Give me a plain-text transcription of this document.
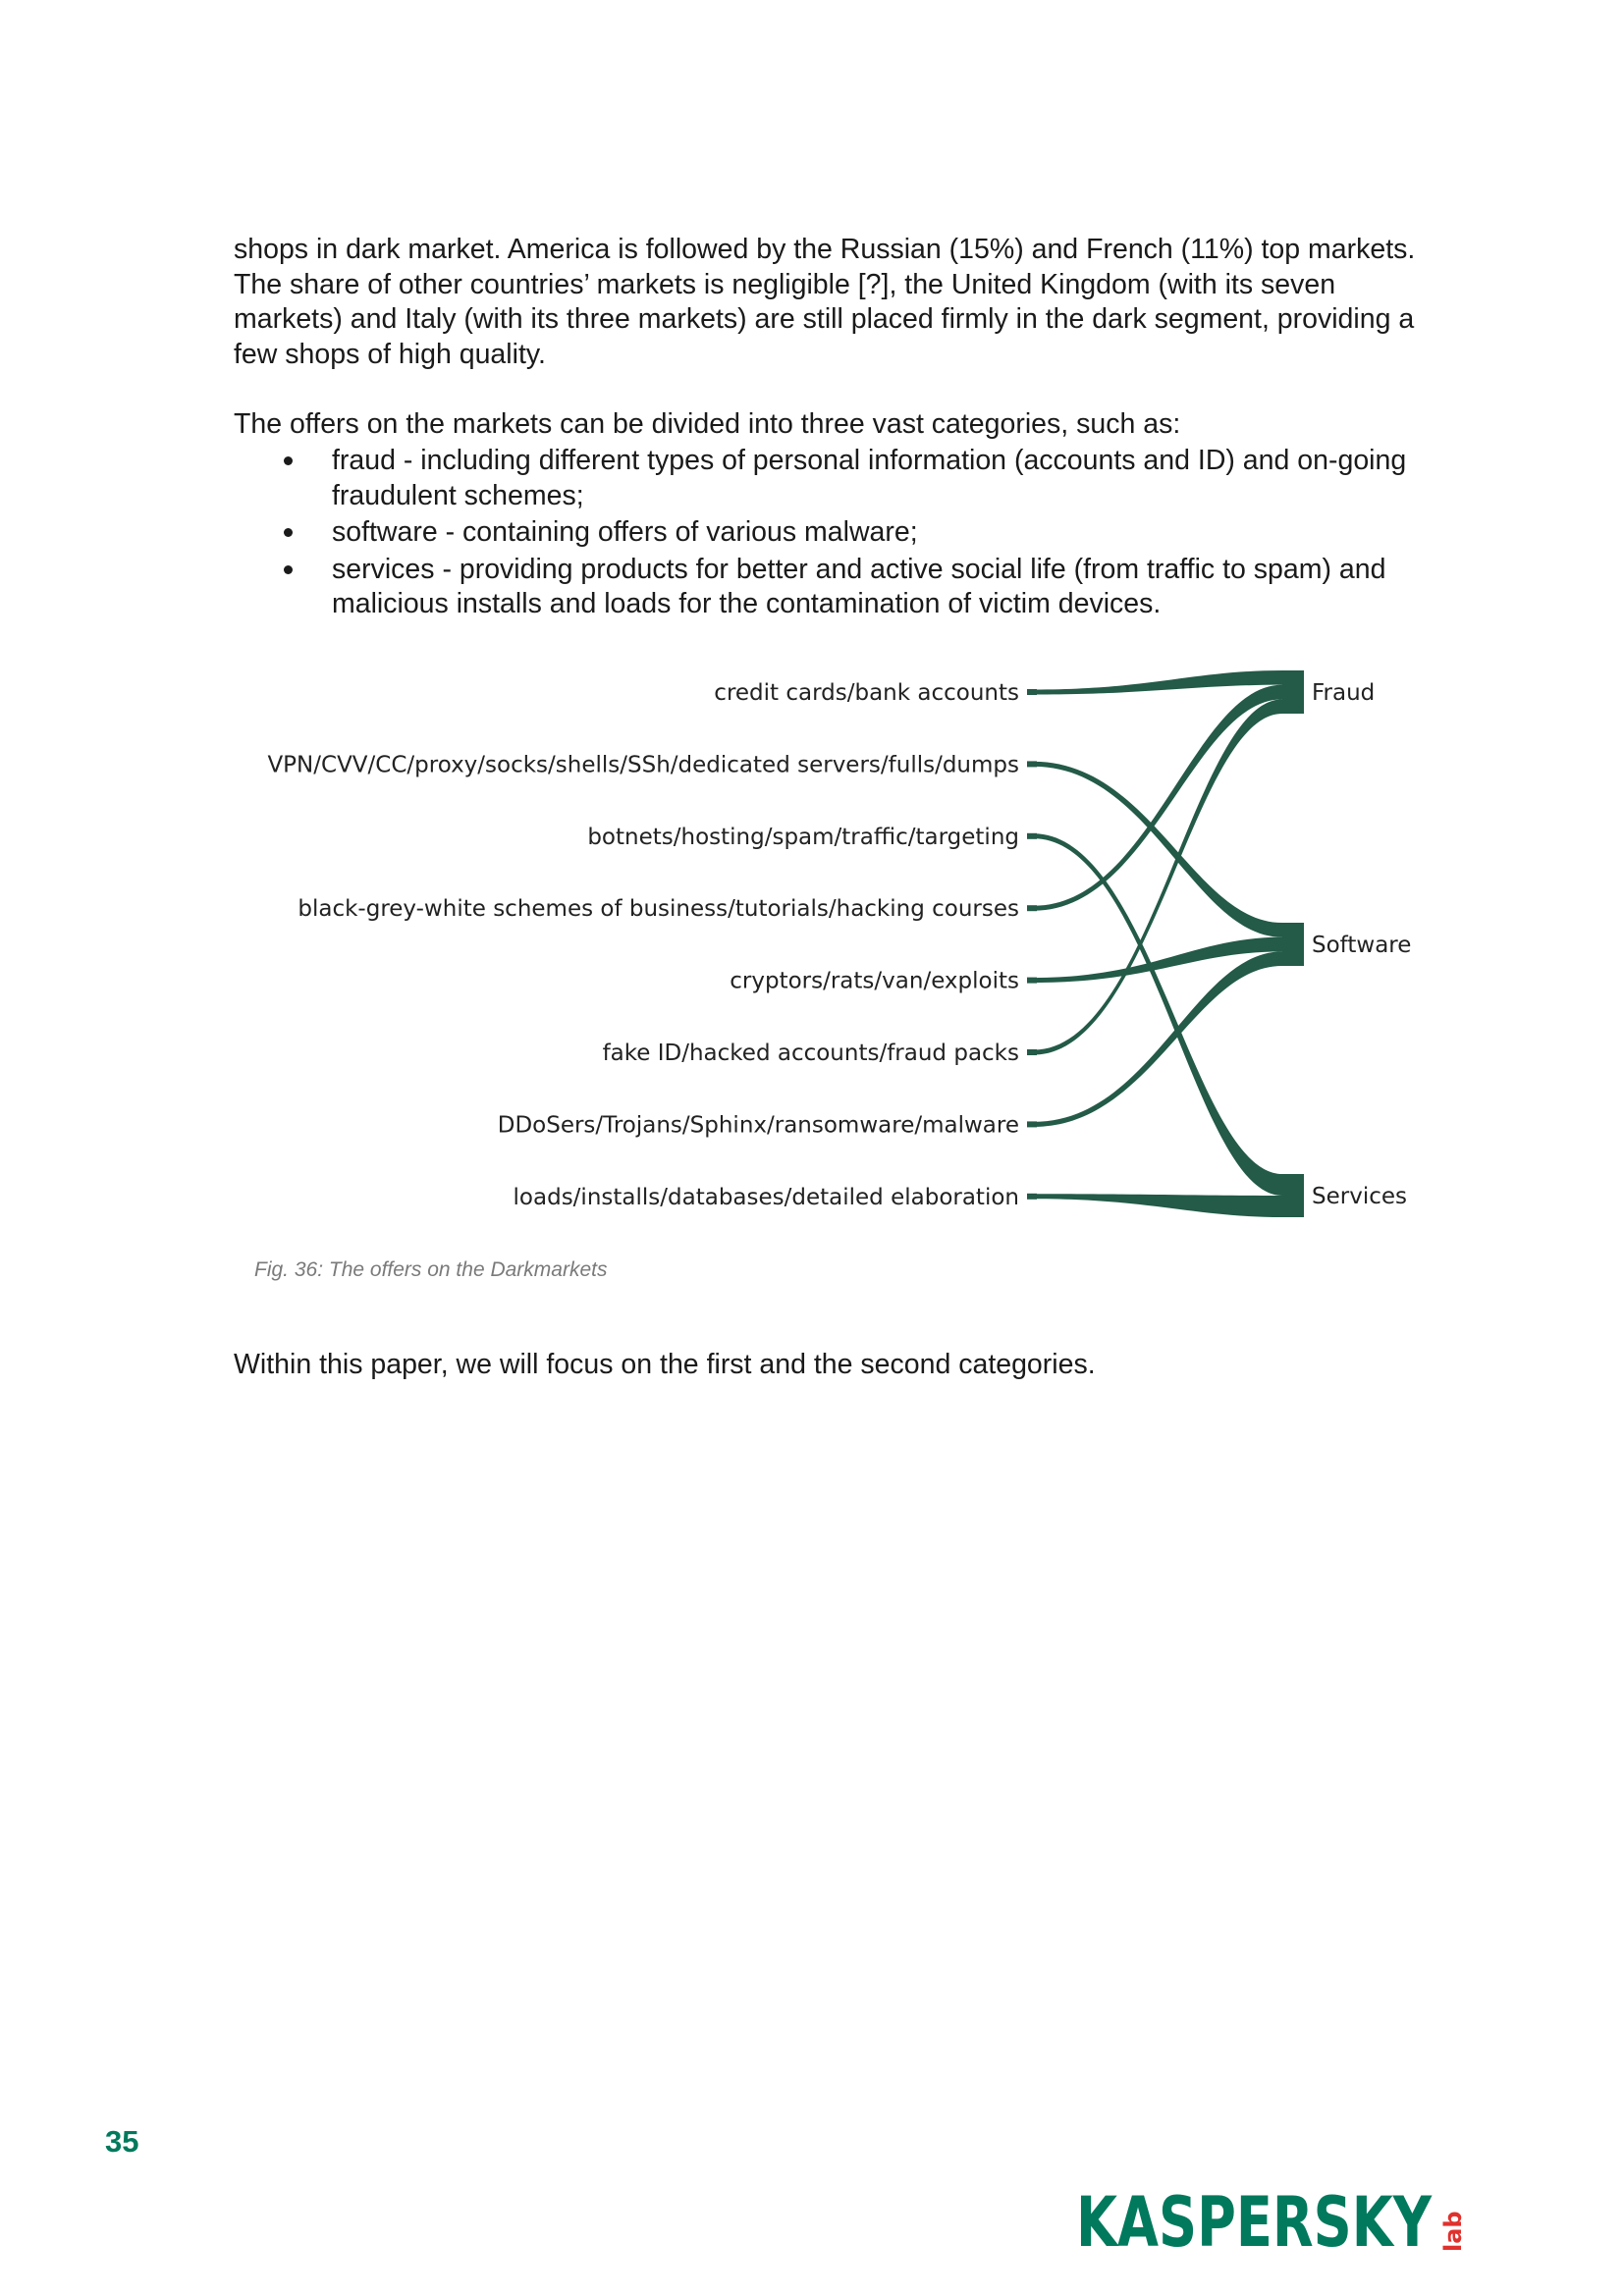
shops in dark market. America is followed by the Russian (15%) and French (11%) top markets. The share of other countries’ markets is negligible [?], the United Kingdom (with its seven markets) and Italy (with its three markets) are still placed firmly in the dark segment, providing a few shops of high quality.

The offers on the markets can be divided into three vast categories, such as:

fraud - including different types of personal information (accounts and ID) and on-going fraudulent schemes;
software - containing offers of various malware;
services - providing products for better and active social life (from traffic to spam) and malicious installs and loads for the contamination of victim devices.
credit cards/bank accounts
VPN/CVV/CC/proxy/socks/shells/SSh/dedicated servers/fulls/dumps
botnets/hosting/spam/traffic/targeting
black-grey-white schemes of business/tutorials/hacking courses
cryptors/rats/van/exploits
fake ID/hacked accounts/fraud packs
DDoSers/Trojans/Sphinx/ransomware/malware
loads/installs/databases/detailed elaboration
Fraud
Software
Services

Fig. 36: The offers on the Darkmarkets

Within this paper, we will focus on the first and the second categories.

35
KASPERSKY lab
